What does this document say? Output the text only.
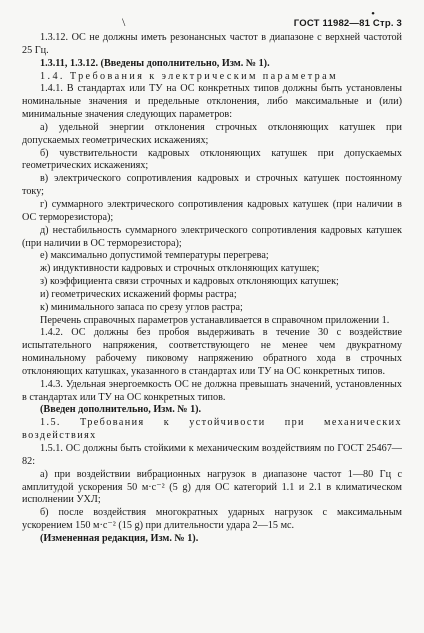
\
•
ГОСТ 11982—81 Стр. 3

1.3.12. ОС не должны иметь резонансных частот в диапазоне с верхней частотой 25 Гц.

1.3.11, 1.3.12. (Введены дополнительно, Изм. № 1).

1.4. Требования к электрическим параметрам

1.4.1. В стандартах или ТУ на ОС конкретных типов должны быть установлены номинальные значения и предельные отклонения, либо максимальные и (или) минимальные значения следующих параметров:

а) удельной энергии отклонения строчных отклоняющих катушек при допускаемых геометрических искажениях;

б) чувствительности кадровых отклоняющих катушек при допускаемых геометрических искажениях;

в) электрического сопротивления кадровых и строчных катушек постоянному току;

г) суммарного электрического сопротивления кадровых катушек (при наличии в ОС терморезистора);

д) нестабильность суммарного электрического сопротивления кадровых катушек (при наличии в ОС терморезистора);

е) максимально допустимой температуры перегрева;

ж) индуктивности кадровых и строчных отклоняющих катушек;

з) коэффициента связи строчных и кадровых отклоняющих катушек;

и) геометрических искажений формы растра;

к) минимального запаса по срезу углов растра;

Перечень справочных параметров устанавливается в справочном приложении 1.

1.4.2. ОС должны без пробоя выдерживать в течение 30 с воздействие испытательного напряжения, соответствующего не менее чем двукратному номинальному рабочему пиковому напряжению обратного хода в строчных отклоняющих катушках, указанного в стандартах или ТУ на ОС конкретных типов.

1.4.3. Удельная энергоемкость ОС не должна превышать значений, установленных в стандартах или ТУ на ОС конкретных типов.

(Введен дополнительно, Изм. № 1).

1.5. Требования к устойчивости при механических воздействиях

1.5.1. ОС должны быть стойкими к механическим воздействиям по ГОСТ 25467—82:

а) при воздействии вибрационных нагрузок в диапазоне частот 1—80 Гц с амплитудой ускорения 50 м·с⁻² (5 g) для ОС категорий 1.1 и 2.1 в климатическом исполнении УХЛ;

б) после воздействия многократных ударных нагрузок с максимальным ускорением 150 м·с⁻² (15 g) при длительности удара 2—15 мс.

(Измененная редакция, Изм. № 1).
